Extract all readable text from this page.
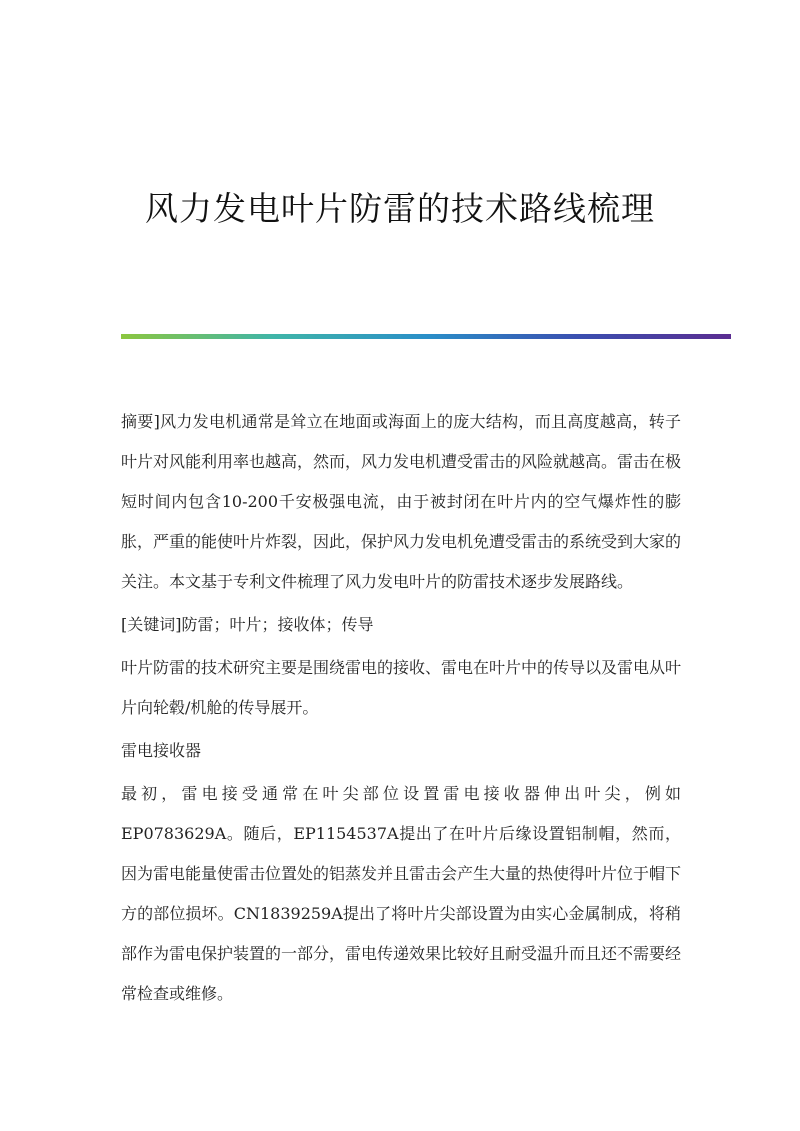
风力发电叶片防雷的技术路线梳理

摘要]风力发电机通常是耸立在地面或海面上的庞大结构，而且高度越高，转子叶片对风能利用率也越高，然而，风力发电机遭受雷击的风险就越高。雷击在极短时间内包含10-200千安极强电流，由于被封闭在叶片内的空气爆炸性的膨胀，严重的能使叶片炸裂，因此，保护风力发电机免遭受雷击的系统受到大家的关注。本文基于专利文件梳理了风力发电叶片的防雷技术逐步发展路线。

[关键词]防雷；叶片；接收体；传导

叶片防雷的技术研究主要是围绕雷电的接收、雷电在叶片中的传导以及雷电从叶片向轮毂/机舱的传导展开。

雷电接收器

最初，雷电接受通常在叶尖部位设置雷电接收器伸出叶尖，例如EP0783629A。随后，EP1154537A提出了在叶片后缘设置铝制帽，然而，因为雷电能量使雷击位置处的铝蒸发并且雷击会产生大量的热使得叶片位于帽下方的部位损坏。CN1839259A提出了将叶片尖部设置为由实心金属制成，将稍部作为雷电保护装置的一部分，雷电传递效果比较好且耐受温升而且还不需要经常检查或维修。
